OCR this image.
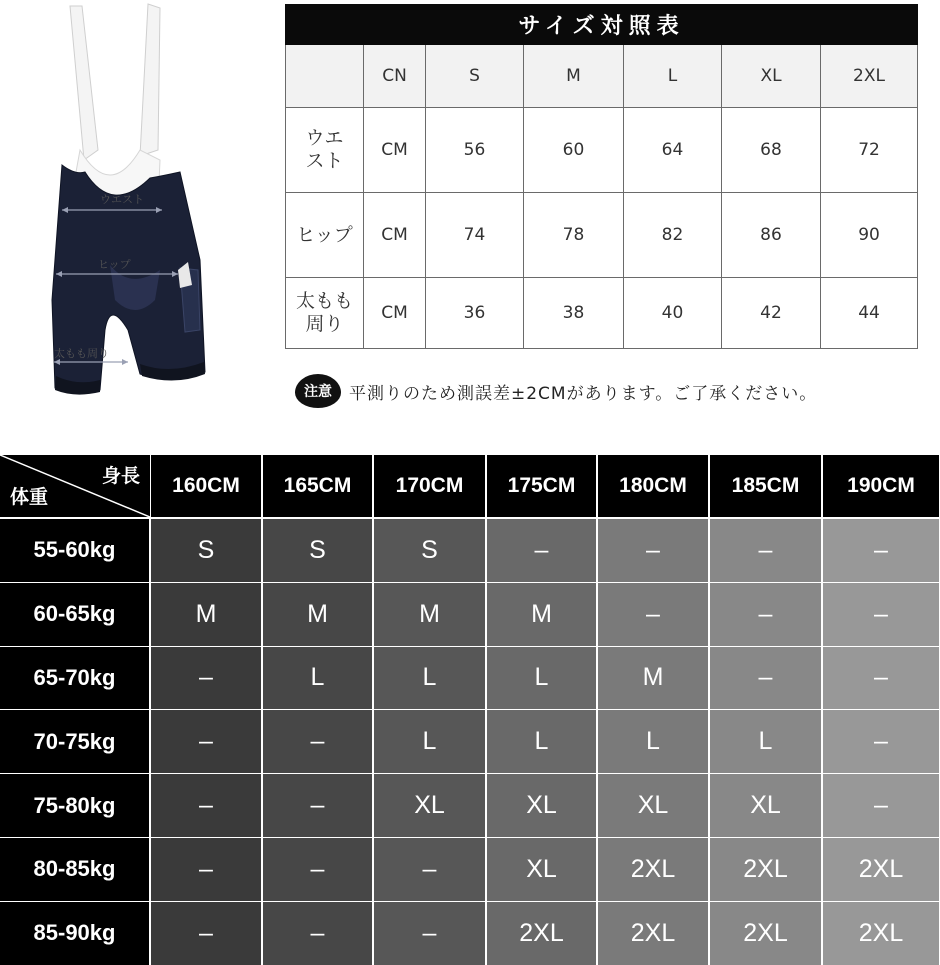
ウエスト
ヒップ
太もも周り
サイズ対照表						
	CN	S	M	L	XL	2XL
ウエ
スト	CM	56	60	64	68	72
ヒップ	CM	74	78	82	86	90
太もも
周り	CM	36	38	40	42	44
注意	平測りのため測誤差±2CMがあります。ご了承ください。
身長
体重	160CM	165CM	170CM	175CM	180CM	185CM	190CM
55-60kg	S	S	S	–	–	–	–
60-65kg	M	M	M	M	–	–	–
65-70kg	–	L	L	L	M	–	–
70-75kg	–	–	L	L	L	L	–
75-80kg	–	–	XL	XL	XL	XL	–
80-85kg	–	–	–	XL	2XL	2XL	2XL
85-90kg	–	–	–	2XL	2XL	2XL	2XL
